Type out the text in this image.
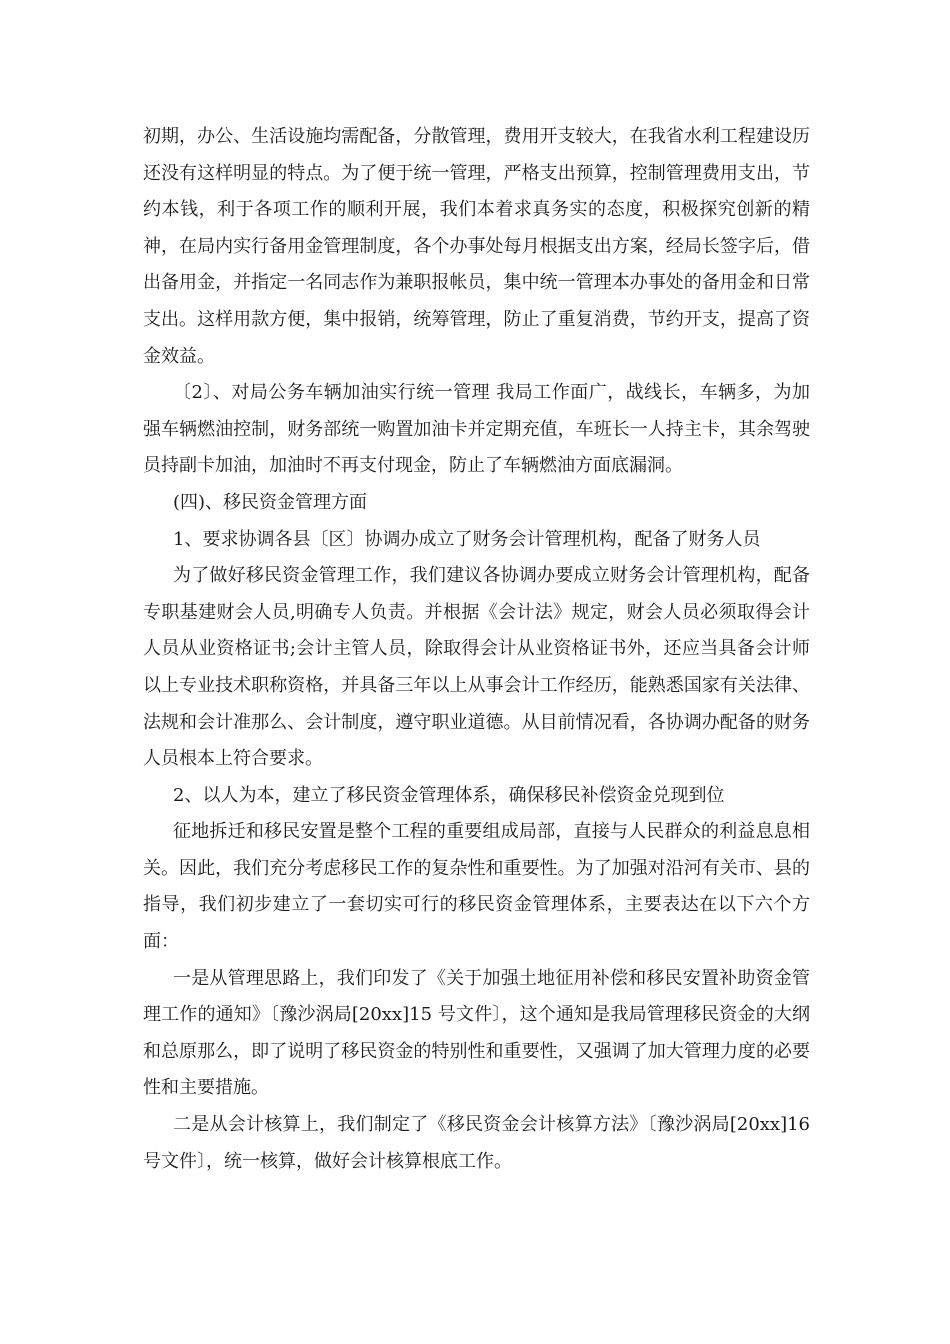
初期，办公、生活设施均需配备，分散管理，费用开支较大，在我省水利工程建设历还没有这样明显的特点。为了便于统一管理，严格支出预算，控制管理费用支出，节约本钱，利于各项工作的顺利开展，我们本着求真务实的态度，积极探究创新的精神，在局内实行备用金管理制度，各个办事处每月根据支出方案，经局长签字后，借出备用金，并指定一名同志作为兼职报帐员，集中统一管理本办事处的备用金和日常支出。这样用款方便，集中报销，统筹管理，防止了重复消费，节约开支，提高了资金效益。

〔2〕、对局公务车辆加油实行统一管理 我局工作面广，战线长，车辆多，为加强车辆燃油控制，财务部统一购置加油卡并定期充值，车班长一人持主卡，其余驾驶员持副卡加油，加油时不再支付现金，防止了车辆燃油方面底漏洞。

(四)、移民资金管理方面

1、要求协调各县〔区〕协调办成立了财务会计管理机构，配备了财务人员

为了做好移民资金管理工作，我们建议各协调办要成立财务会计管理机构，配备专职基建财会人员,明确专人负责。并根据《会计法》规定，财会人员必须取得会计人员从业资格证书;会计主管人员，除取得会计从业资格证书外，还应当具备会计师以上专业技术职称资格，并具备三年以上从事会计工作经历，能熟悉国家有关法律、法规和会计准那么、会计制度，遵守职业道德。从目前情况看，各协调办配备的财务人员根本上符合要求。

2、以人为本，建立了移民资金管理体系，确保移民补偿资金兑现到位

征地拆迁和移民安置是整个工程的重要组成局部，直接与人民群众的利益息息相关。因此，我们充分考虑移民工作的复杂性和重要性。为了加强对沿河有关市、县的指导，我们初步建立了一套切实可行的移民资金管理体系，主要表达在以下六个方面：

一是从管理思路上，我们印发了《关于加强土地征用补偿和移民安置补助资金管理工作的通知》〔豫沙涡局[20xx]15 号文件〕，这个通知是我局管理移民资金的大纲和总原那么，即了说明了移民资金的特别性和重要性，又强调了加大管理力度的必要性和主要措施。

二是从会计核算上，我们制定了《移民资金会计核算方法》〔豫沙涡局[20xx]16 号文件〕，统一核算，做好会计核算根底工作。
